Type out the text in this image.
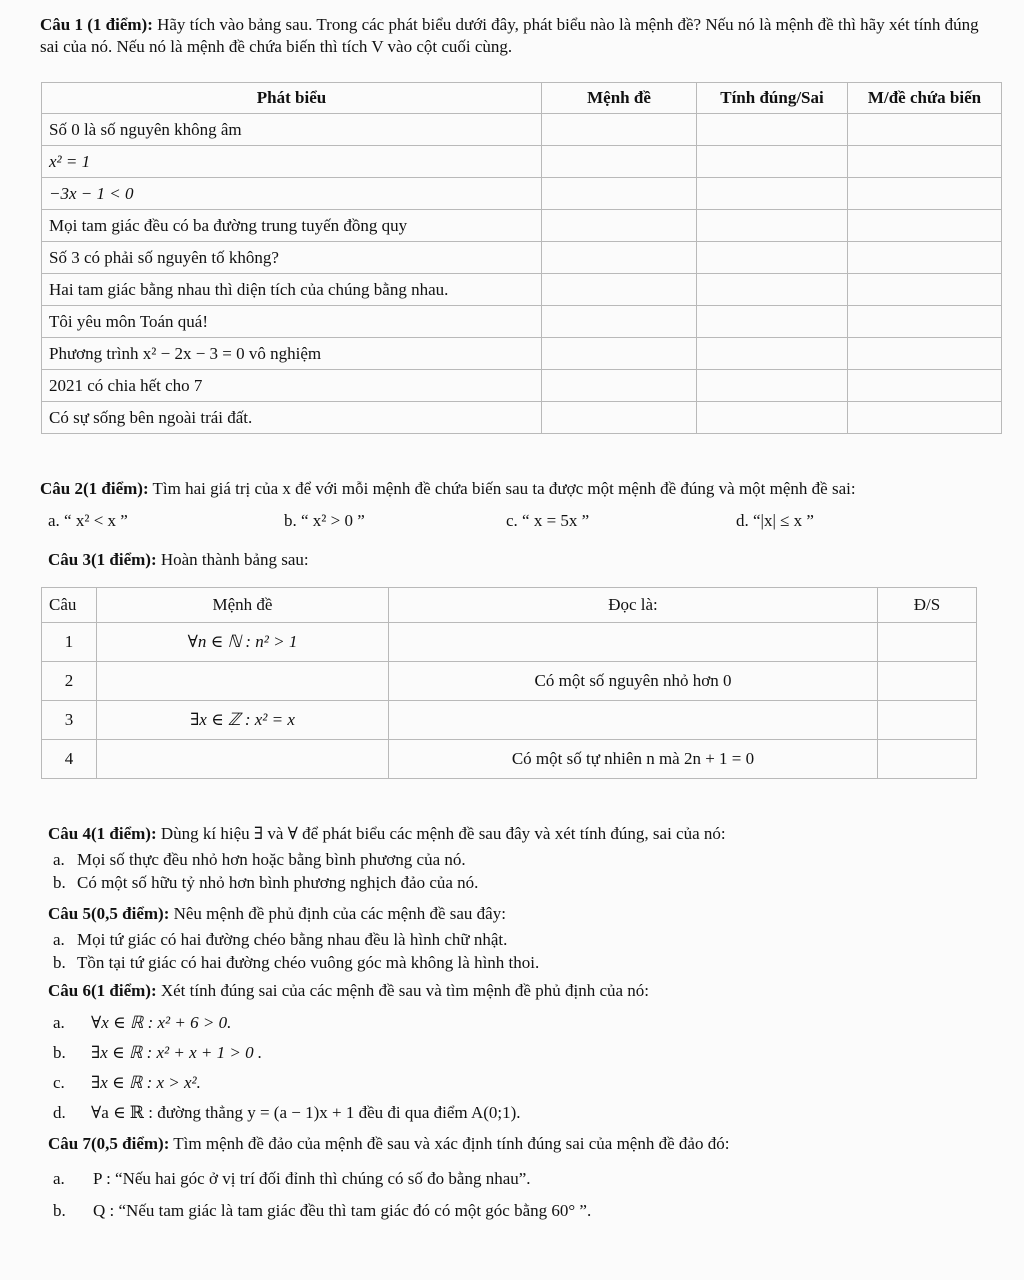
Câu 1 (1 điểm): Hãy tích vào bảng sau. Trong các phát biểu dưới đây, phát biểu nào là mệnh đề? Nếu nó là mệnh đề thì hãy xét tính đúng sai của nó. Nếu nó là mệnh đề chứa biến thì tích V vào cột cuối cùng.

Phát biểu	Mệnh đề	Tính đúng/Sai	M/đề chứa biến
Số 0 là số nguyên không âm			
x² = 1			
−3x − 1 < 0			
Mọi tam giác đều có ba đường trung tuyến đồng quy			
Số 3 có phải số nguyên tố không?			
Hai tam giác bằng nhau thì diện tích của chúng bằng nhau.			
Tôi yêu môn Toán quá!			
Phương trình x² − 2x − 3 = 0 vô nghiệm			
2021 có chia hết cho 7			
Có sự sống bên ngoài trái đất.			

Câu 2(1 điểm): Tìm hai giá trị của x để với mỗi mệnh đề chứa biến sau ta được một mệnh đề đúng và một mệnh đề sai:

a. “ x² < x ”	b. “ x² > 0 ”	c. “ x = 5x ”	d. “|x| ≤ x ”

Câu 3(1 điểm): Hoàn thành bảng sau:

Câu	Mệnh đề	Đọc là:	Đ/S
1	∀n ∈ ℕ : n² > 1		
2		Có một số nguyên nhỏ hơn 0	
3	∃x ∈ ℤ : x² = x		
4		Có một số tự nhiên n mà 2n + 1 = 0	

Câu 4(1 điểm): Dùng kí hiệu ∃ và ∀ để phát biểu các mệnh đề sau đây và xét tính đúng, sai của nó:

a. Mọi số thực đều nhỏ hơn hoặc bằng bình phương của nó.
b. Có một số hữu tỷ nhỏ hơn bình phương nghịch đảo của nó.

Câu 5(0,5 điểm): Nêu mệnh đề phủ định của các mệnh đề sau đây:

a. Mọi tứ giác có hai đường chéo bằng nhau đều là hình chữ nhật.
b. Tồn tại tứ giác có hai đường chéo vuông góc mà không là hình thoi.

Câu 6(1 điểm): Xét tính đúng sai của các mệnh đề sau và tìm mệnh đề phủ định của nó:

a.	∀x ∈ ℝ : x² + 6 > 0.
b.	∃x ∈ ℝ : x² + x + 1 > 0 .
c.	∃x ∈ ℝ : x > x².
d.	∀a ∈ ℝ : đường thẳng y = (a − 1)x + 1 đều đi qua điểm A(0;1).

Câu 7(0,5 điểm): Tìm mệnh đề đảo của mệnh đề sau và xác định tính đúng sai của mệnh đề đảo đó:

a.	P : “Nếu hai góc ở vị trí đối đỉnh thì chúng có số đo bằng nhau”.
b.	Q : “Nếu tam giác là tam giác đều thì tam giác đó có một góc bằng 60° ”.
